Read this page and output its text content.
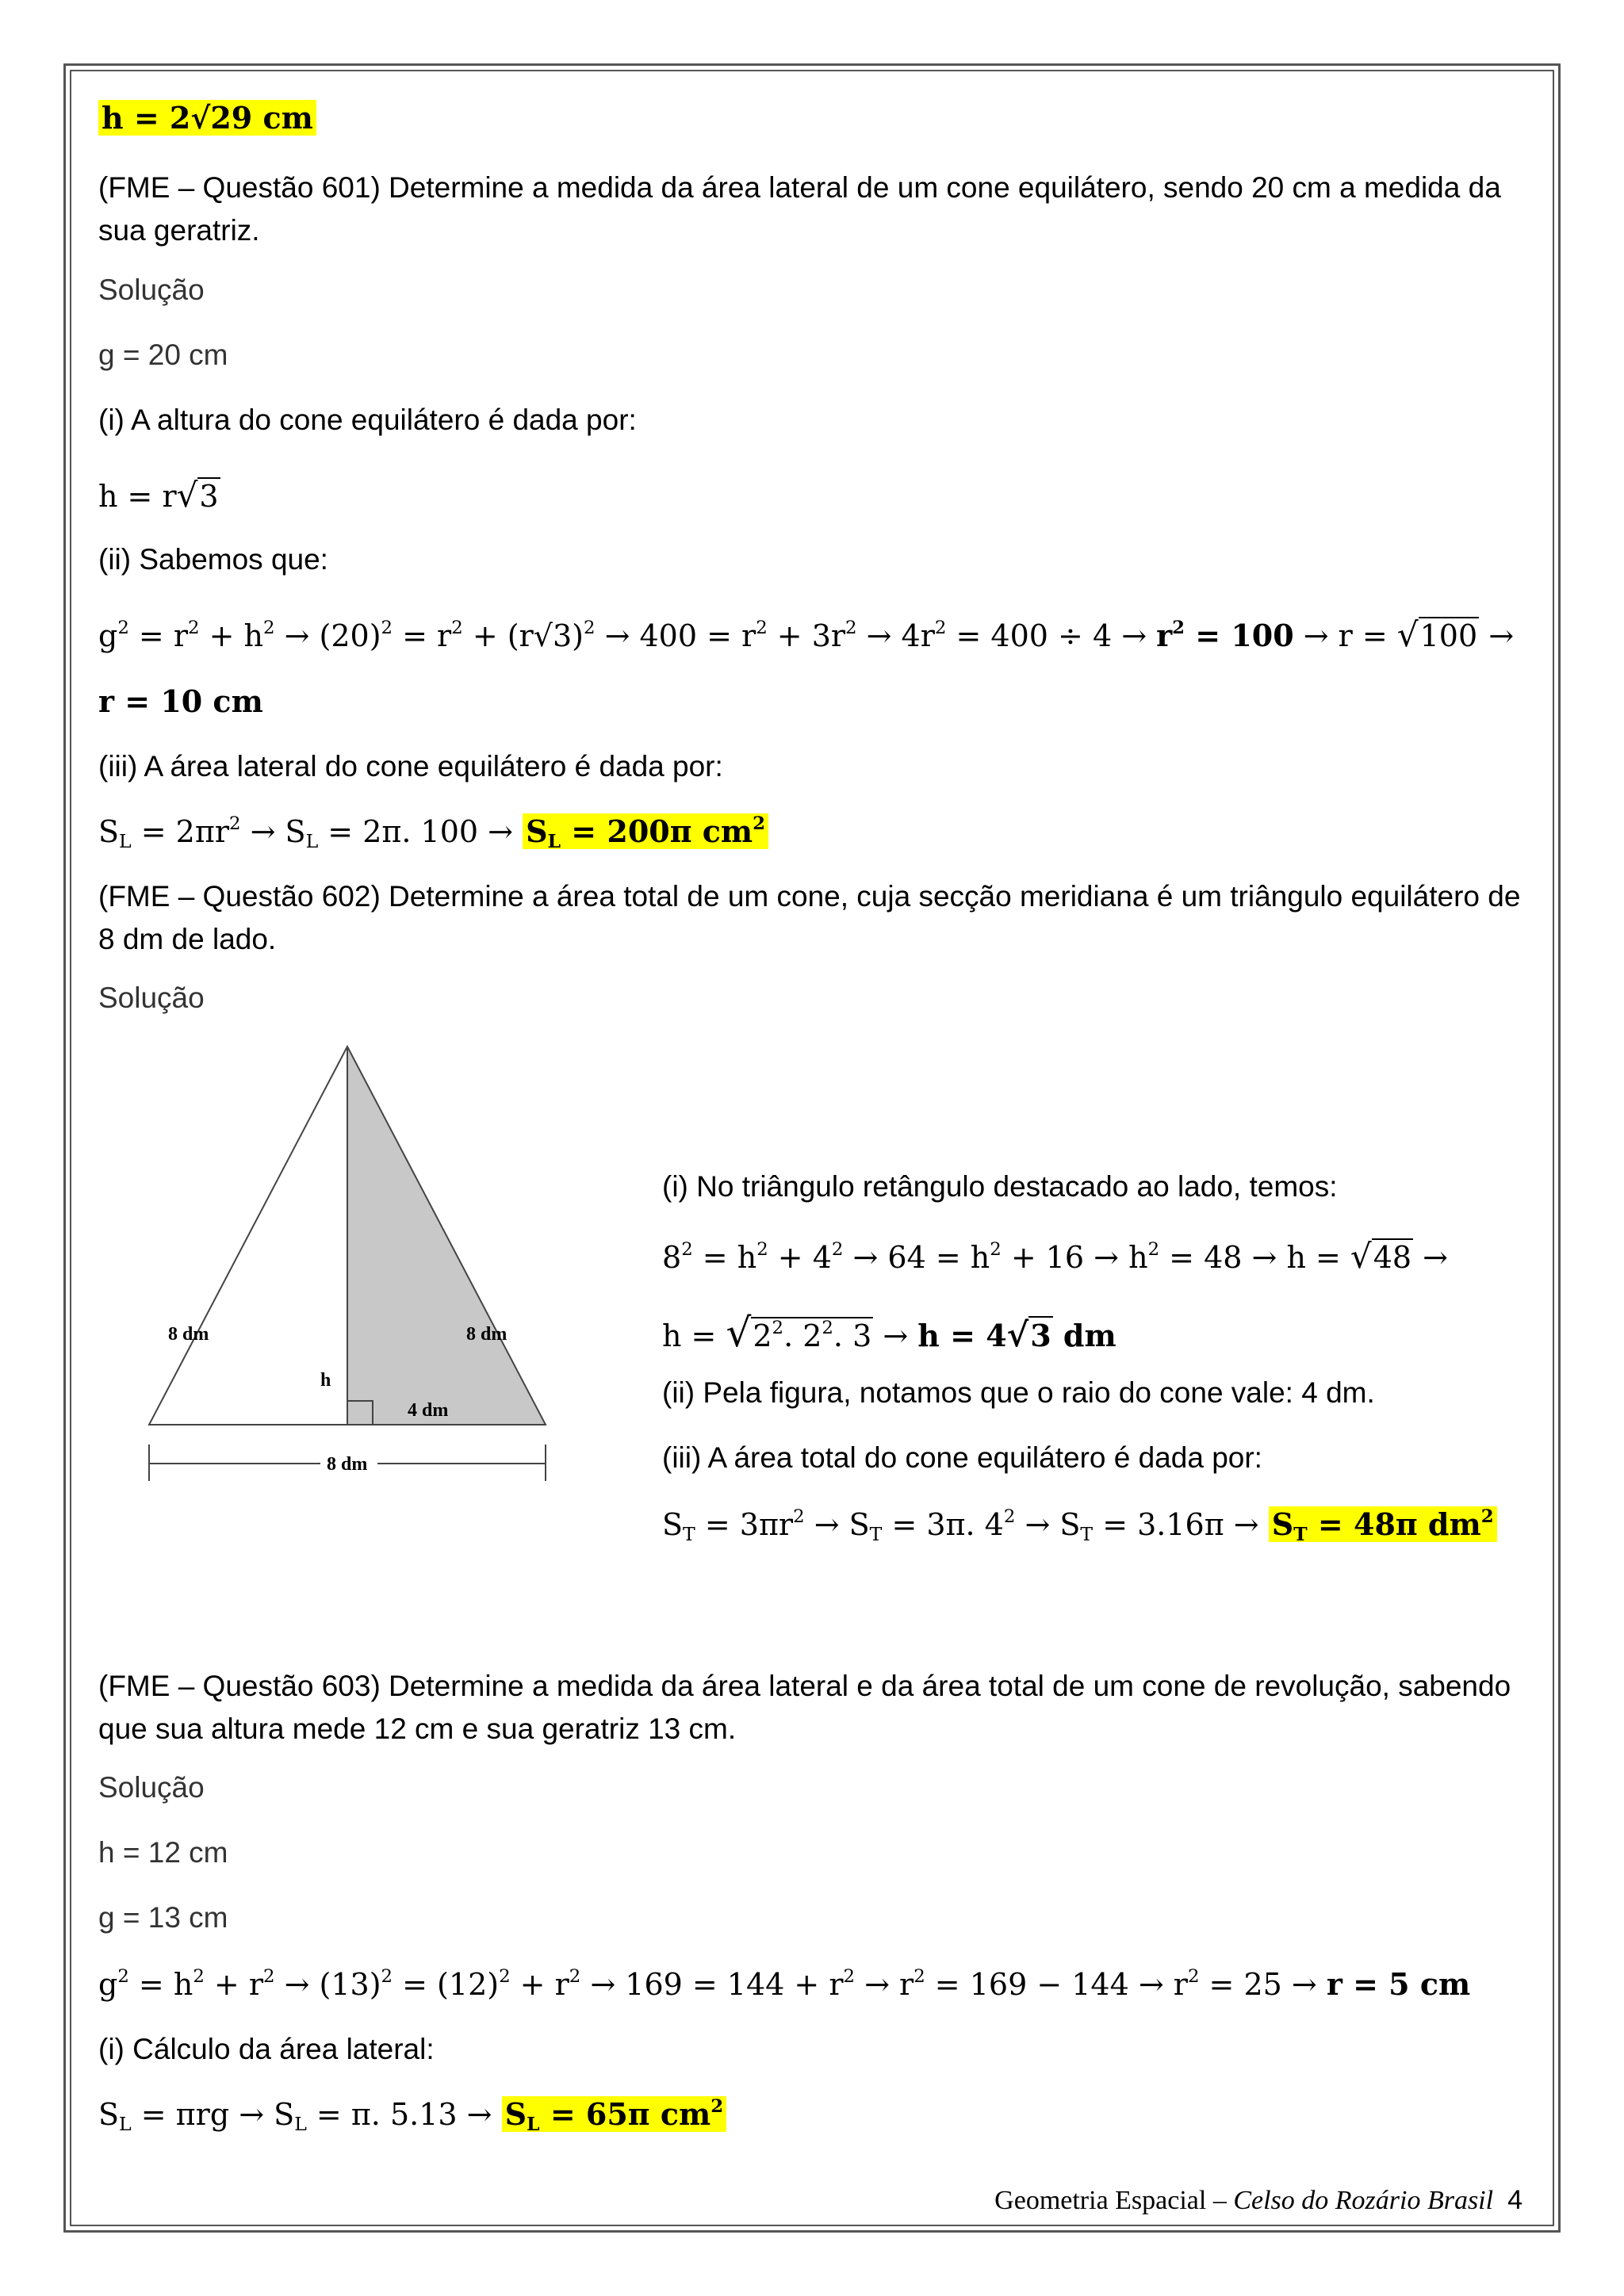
h = 2√29 cm
(FME – Questão 601) Determine a medida da área lateral de um cone equilátero, sendo 20 cm a medida da sua geratriz.
Solução
g = 20 cm
(i) A altura do cone equilátero é dada por:
h = r√3
(ii) Sabemos que:
$g^2 = r^2 + h^2 \to (20)^2 = r^2 + (r√3)^2 \to 400 = r^2 + 3r^2 \to 4r^2 = 400 \div 4 \to r^2 = 100 \to r = √100$ →
r = 10 cm
(iii) A área lateral do cone equilátero é dada por:
$S_L = 2\pi r^2 \to S_L = 2\pi$. $100 \to S_L = 200\pi$ $cm^2$
(FME – Questão 602) Determine a área total de um cone, cuja secção meridiana é um triângulo equilátero de 8 dm de lado.
Solução
8 dm	8 dm
h
4 dm
8 dm
(i) No triângulo retângulo destacado ao lado, temos:
$8^2 = h^2 + 4^2 \to 64 = h^2 + 16 \to h^2 = 48 \to h = √48$ →
$h = √2^2$. $2^2$. 3 → h = 4√3 dm
(ii) Pela figura, notamos que o raio do cone vale: 4 dm.
(iii) A área total do cone equilátero é dada por:
$S_T = 3\pi r^2 \to S_T = 3\pi$. $4^2 \to S_T = 3.16\pi \to S_T = 48\pi$ $dm^2$
(FME – Questão 603) Determine a medida da área lateral e da área total de um cone de revolução, sabendo que sua altura mede 12 cm e sua geratriz 13 cm.
Solução
h = 12 cm
g = 13 cm
$g^2 = h^2 + r^2 \to (13)^2 = (12)^2 + r^2 \to 169 = 144 + r^2 \to r^2 = 169 - 144 \to r^2 = 25 \to r = 5$ cm
(i) Cálculo da área lateral:
$S_L = \pi rg \to S_L = \pi$. $5.13 \to S_L = 65\pi$ $cm^2$
Geometria Espacial – Celso do Rozário Brasil 4
